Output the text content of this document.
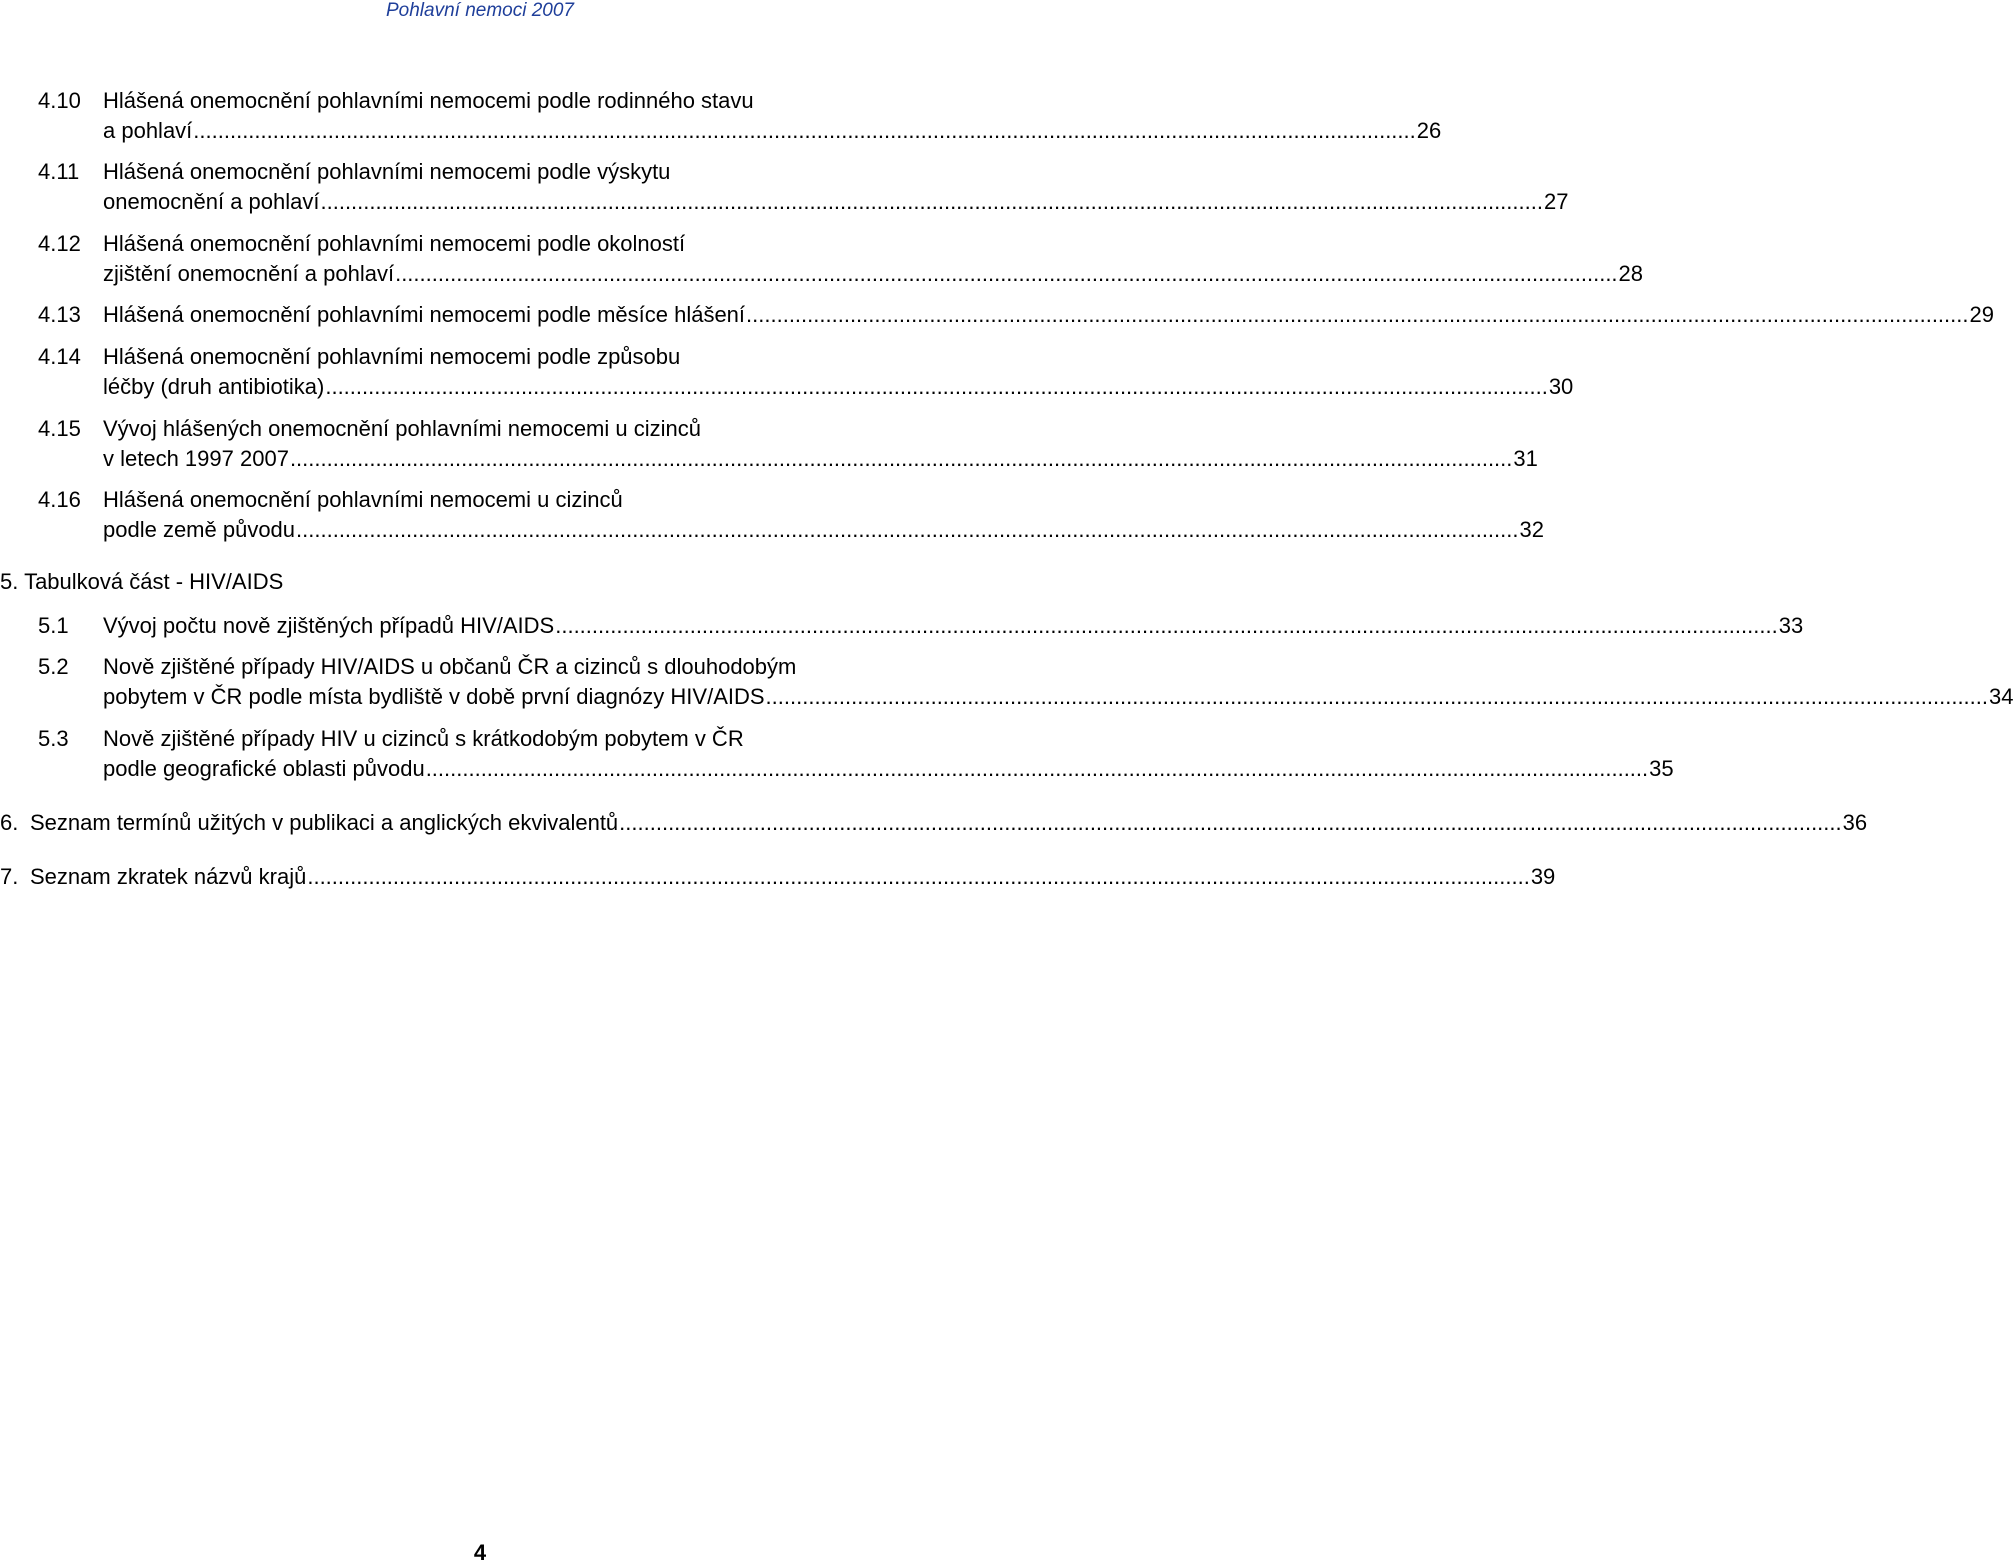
Pohlavní nemoci 2007
4.10 Hlášená onemocnění pohlavními nemocemi podle rodinného stavu
a pohlaví .....	26
4.11 Hlášená onemocnění pohlavními nemocemi podle výskytu
onemocnění a pohlaví .....	27
4.12 Hlášená onemocnění pohlavními nemocemi podle okolností
zjištění onemocnění a pohlaví .....	28
4.13 Hlášená onemocnění pohlavními nemocemi podle měsíce hlášení .....	29
4.14 Hlášená onemocnění pohlavními nemocemi podle způsobu
léčby (druh antibiotika) .....	30
4.15 Vývoj hlášených onemocnění pohlavními nemocemi u cizinců
v letech 1997 2007 .....	31
4.16 Hlášená onemocnění pohlavními nemocemi u cizinců
podle země původu .....	32
5. Tabulková část - HIV/AIDS
5.1 Vývoj počtu nově zjištěných případů HIV/AIDS .....	33
5.2 Nově zjištěné případy HIV/AIDS u občanů ČR a cizinců s dlouhodobým
pobytem v ČR podle místa bydliště v době první diagnózy HIV/AIDS .....	34
5.3 Nově zjištěné případy HIV u cizinců s krátkodobým pobytem v ČR
podle geografické oblasti původu .....	35
6. Seznam termínů užitých v publikaci a anglických ekvivalentů .....	36
7. Seznam zkratek názvů krajů .....	39
4
